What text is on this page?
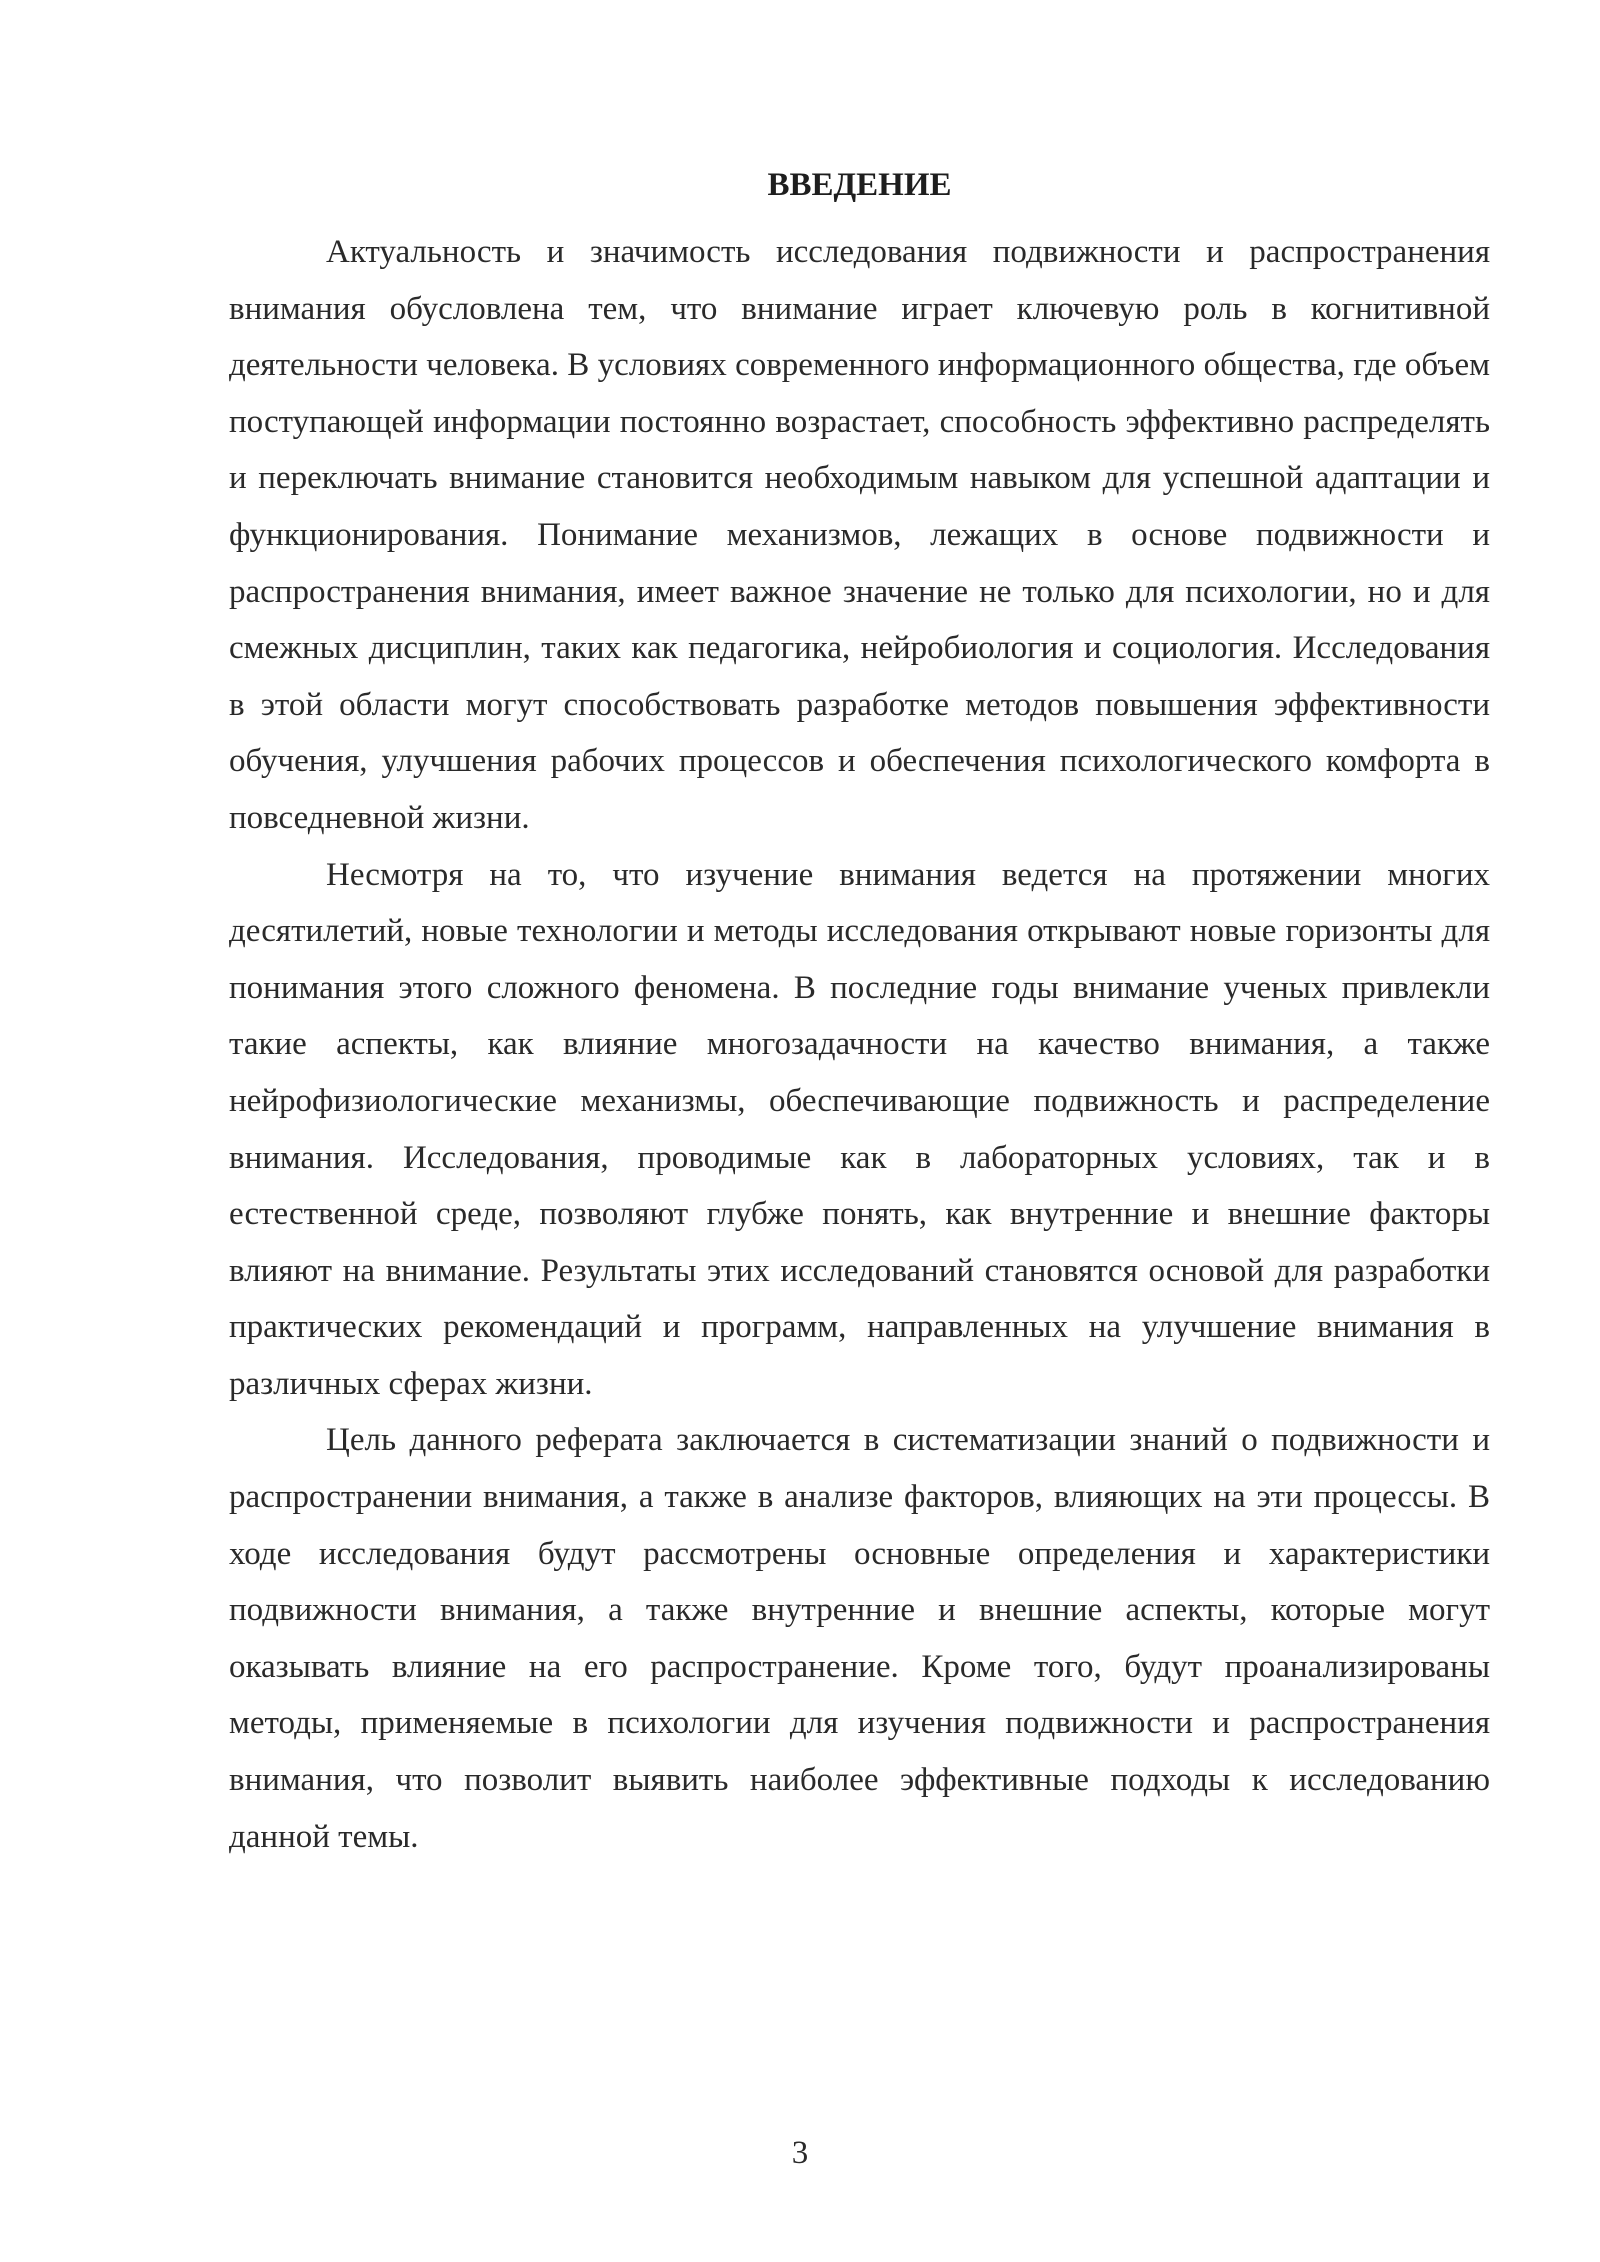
ВВЕДЕНИЕ

Актуальность и значимость исследования подвижности и распространения внимания обусловлена тем, что внимание играет ключевую роль в когнитивной деятельности человека. В условиях современного информационного общества, где объем поступающей информации постоянно возрастает, способность эффективно распределять и переключать внимание становится необходимым навыком для успешной адаптации и функционирования. Понимание механизмов, лежащих в основе подвижности и распространения внимания, имеет важное значение не только для психологии, но и для смежных дисциплин, таких как педагогика, нейробиология и социология. Исследования в этой области могут способствовать разработке методов повышения эффективности обучения, улучшения рабочих процессов и обеспечения психологического комфорта в повседневной жизни.

Несмотря на то, что изучение внимания ведется на протяжении многих десятилетий, новые технологии и методы исследования открывают новые горизонты для понимания этого сложного феномена. В последние годы внимание ученых привлекли такие аспекты, как влияние многозадачности на качество внимания, а также нейрофизиологические механизмы, обеспечивающие подвижность и распределение внимания. Исследования, проводимые как в лабораторных условиях, так и в естественной среде, позволяют глубже понять, как внутренние и внешние факторы влияют на внимание. Результаты этих исследований становятся основой для разработки практических рекомендаций и программ, направленных на улучшение внимания в различных сферах жизни.

Цель данного реферата заключается в систематизации знаний о подвижности и распространении внимания, а также в анализе факторов, влияющих на эти процессы. В ходе исследования будут рассмотрены основные определения и характеристики подвижности внимания, а также внутренние и внешние аспекты, которые могут оказывать влияние на его распространение. Кроме того, будут проанализированы методы, применяемые в психологии для изучения подвижности и распространения внимания, что позволит выявить наиболее эффективные подходы к исследованию данной темы.

3
